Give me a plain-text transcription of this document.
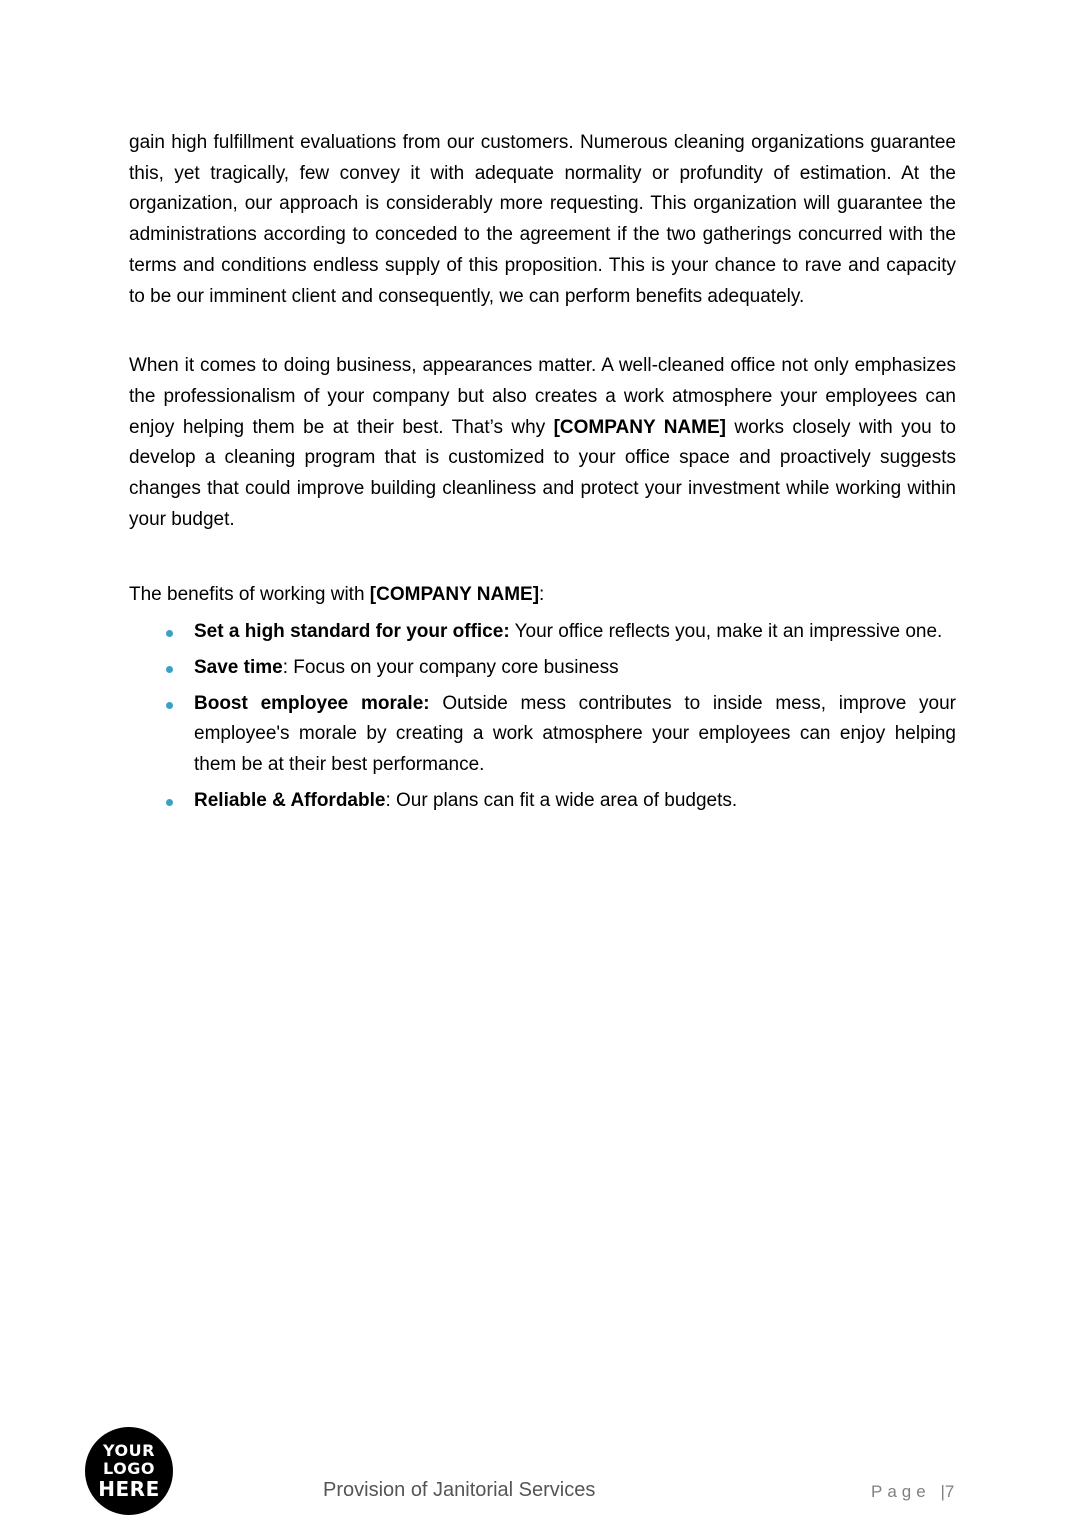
gain high fulfillment evaluations from our customers. Numerous cleaning organizations guarantee this, yet tragically, few convey it with adequate normality or profundity of estimation. At the organization, our approach is considerably more requesting. This organization will guarantee the administrations according to conceded to the agreement if the two gatherings concurred with the terms and conditions endless supply of this proposition. This is your chance to rave and capacity to be our imminent client and consequently, we can perform benefits adequately.

When it comes to doing business, appearances matter. A well-cleaned office not only emphasizes the professionalism of your company but also creates a work atmosphere your employees can enjoy helping them be at their best. That’s why [COMPANY NAME] works closely with you to develop a cleaning program that is customized to your office space and proactively suggests changes that could improve building cleanliness and protect your investment while working within your budget.

The benefits of working with [COMPANY NAME]:

Set a high standard for your office: Your office reflects you, make it an impressive one.
Save time: Focus on your company core business
Boost employee morale: Outside mess contributes to inside mess, improve your employee's morale by creating a work atmosphere your employees can enjoy helping them be at their best performance.
Reliable & Affordable: Our plans can fit a wide area of budgets.
YOUR
LOGO
HERE	Provision of Janitorial Services	Page |7
